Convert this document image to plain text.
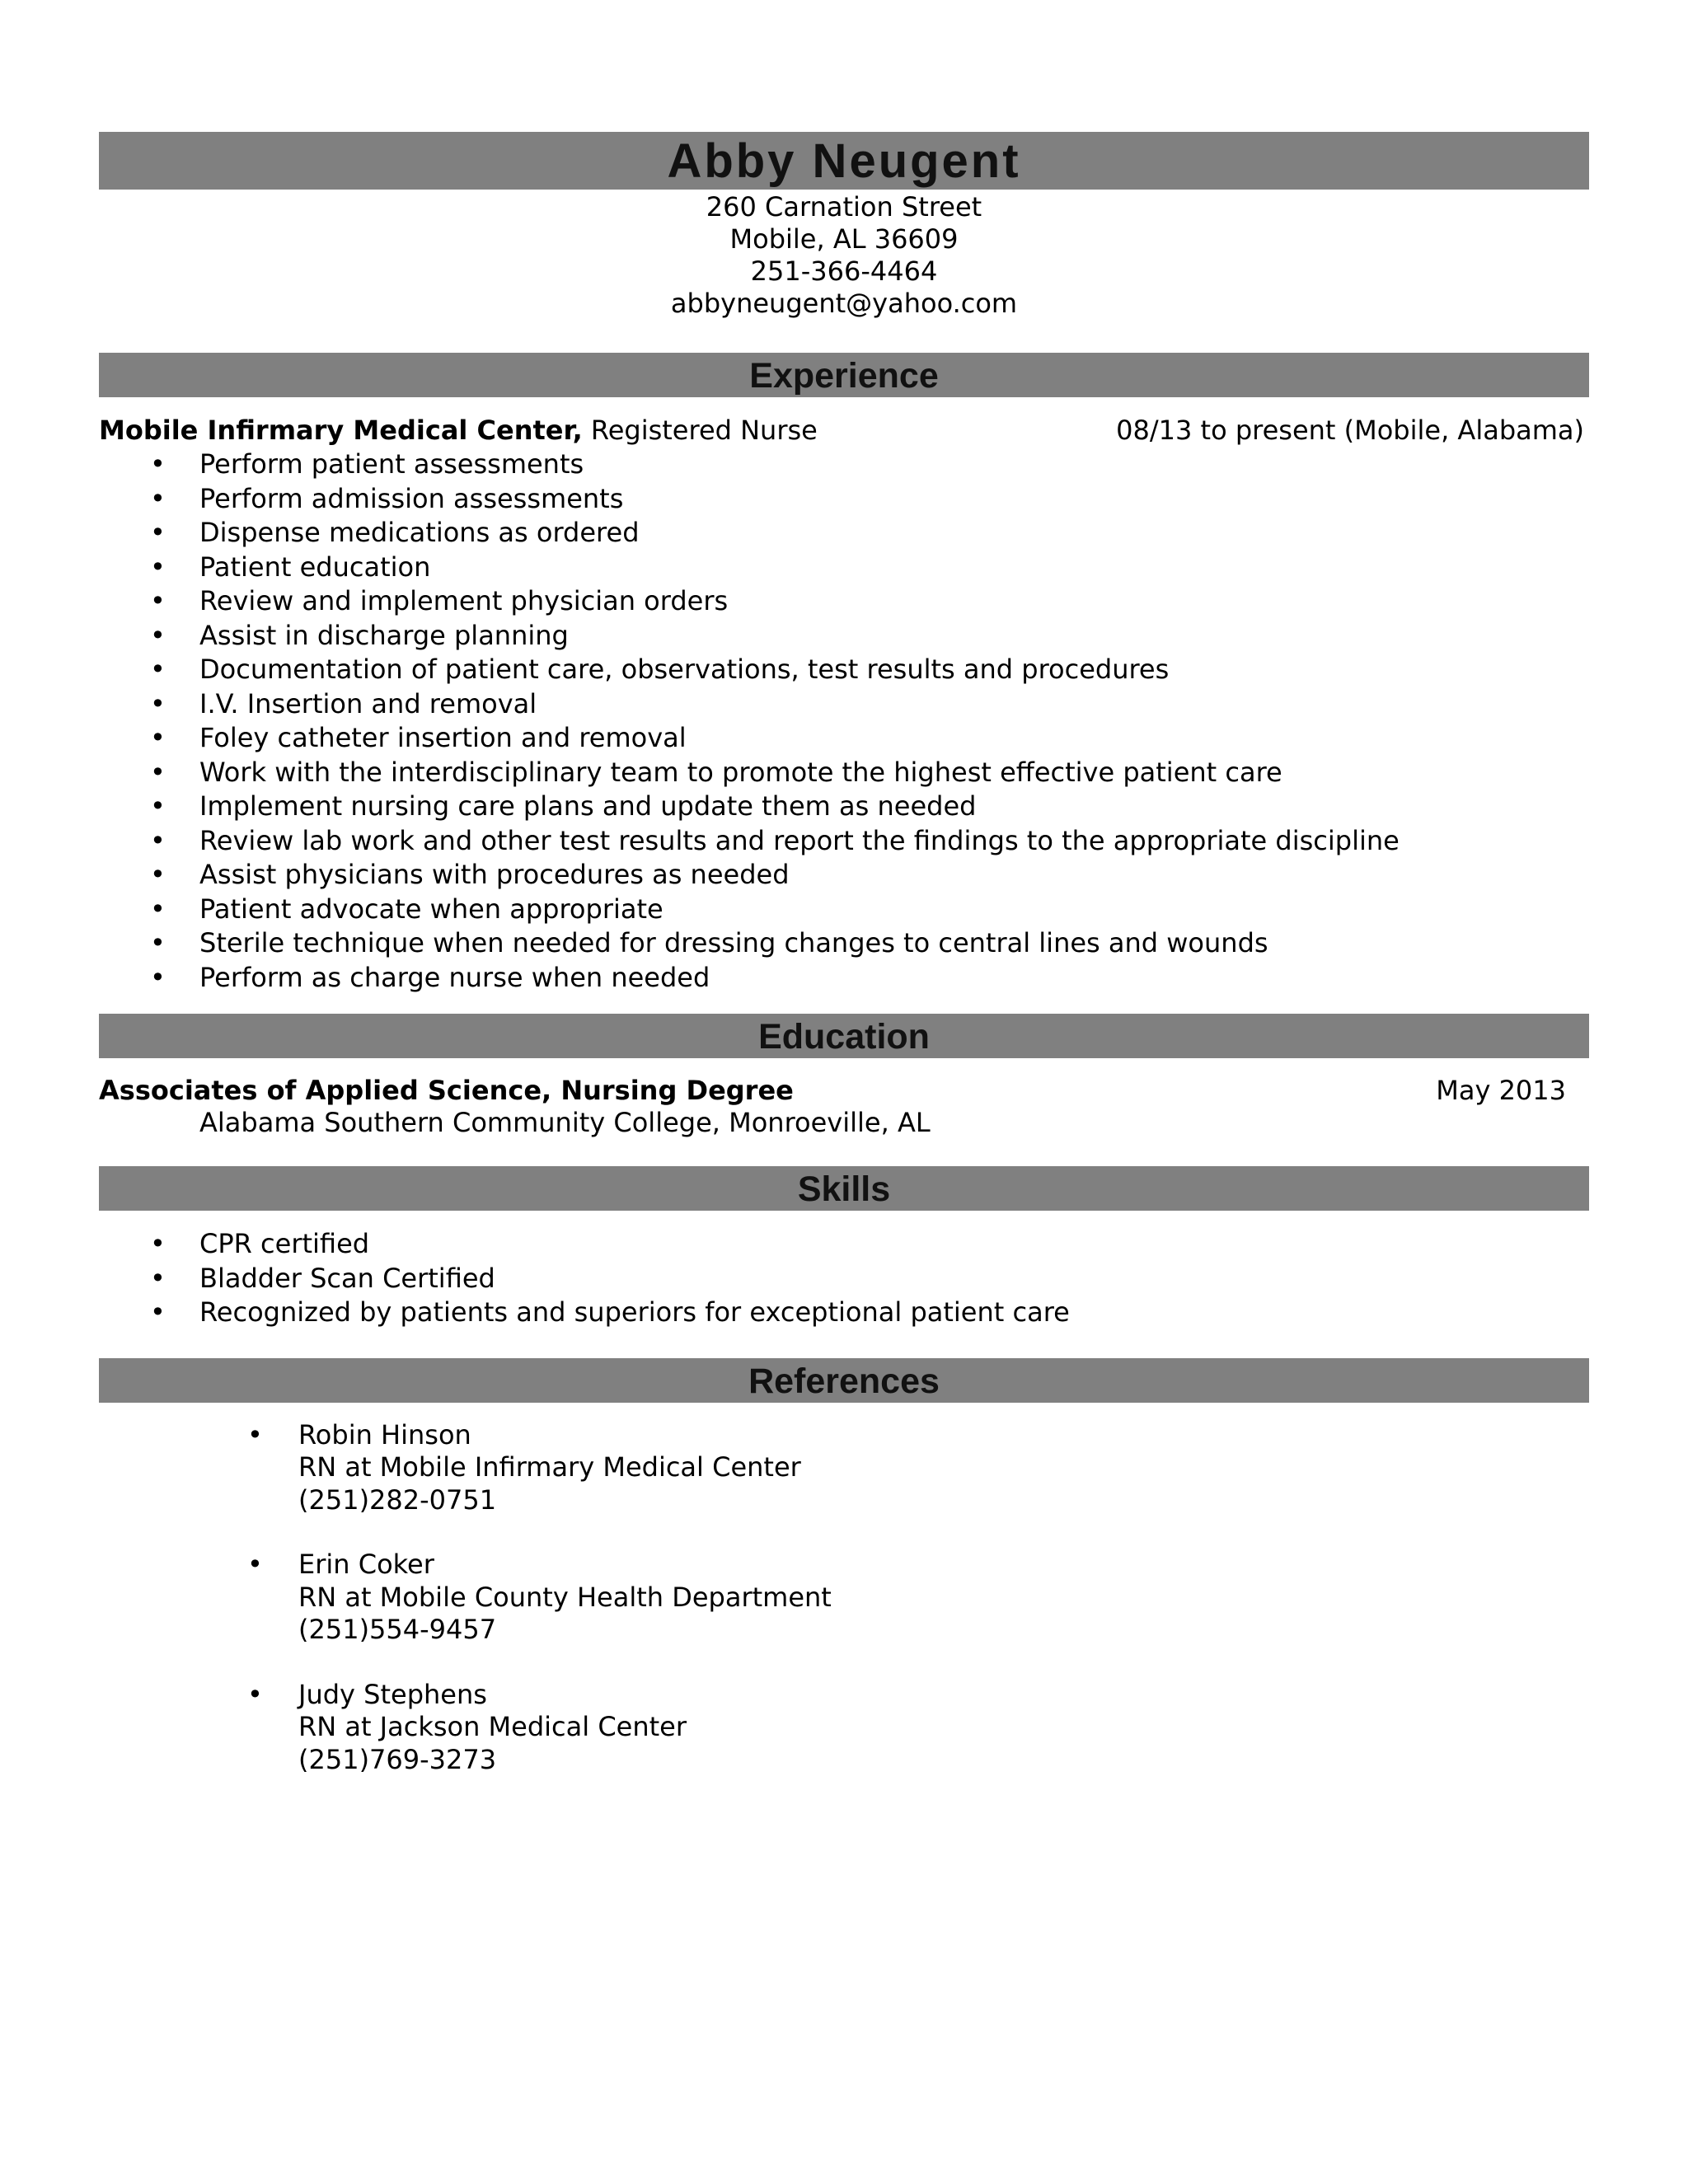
Abby Neugent
260 Carnation Street
Mobile, AL 36609
251-366-4464
abbyneugent@yahoo.com
Experience
Mobile Infirmary Medical Center, Registered Nurse	08/13 to present (Mobile, Alabama)
• Perform patient assessments
• Perform admission assessments
• Dispense medications as ordered
• Patient education
• Review and implement physician orders
• Assist in discharge planning
• Documentation of patient care, observations, test results and procedures
• I.V. Insertion and removal
• Foley catheter insertion and removal
• Work with the interdisciplinary team to promote the highest effective patient care
• Implement nursing care plans and update them as needed
• Review lab work and other test results and report the findings to the appropriate discipline
• Assist physicians with procedures as needed
• Patient advocate when appropriate
• Sterile technique when needed for dressing changes to central lines and wounds
• Perform as charge nurse when needed
Education
Associates of Applied Science, Nursing Degree	May 2013
Alabama Southern Community College, Monroeville, AL
Skills
• CPR certified
• Bladder Scan Certified
• Recognized by patients and superiors for exceptional patient care
References
• Robin Hinson
RN at Mobile Infirmary Medical Center
(251)282-0751
• Erin Coker
RN at Mobile County Health Department
(251)554-9457
• Judy Stephens
RN at Jackson Medical Center
(251)769-3273
